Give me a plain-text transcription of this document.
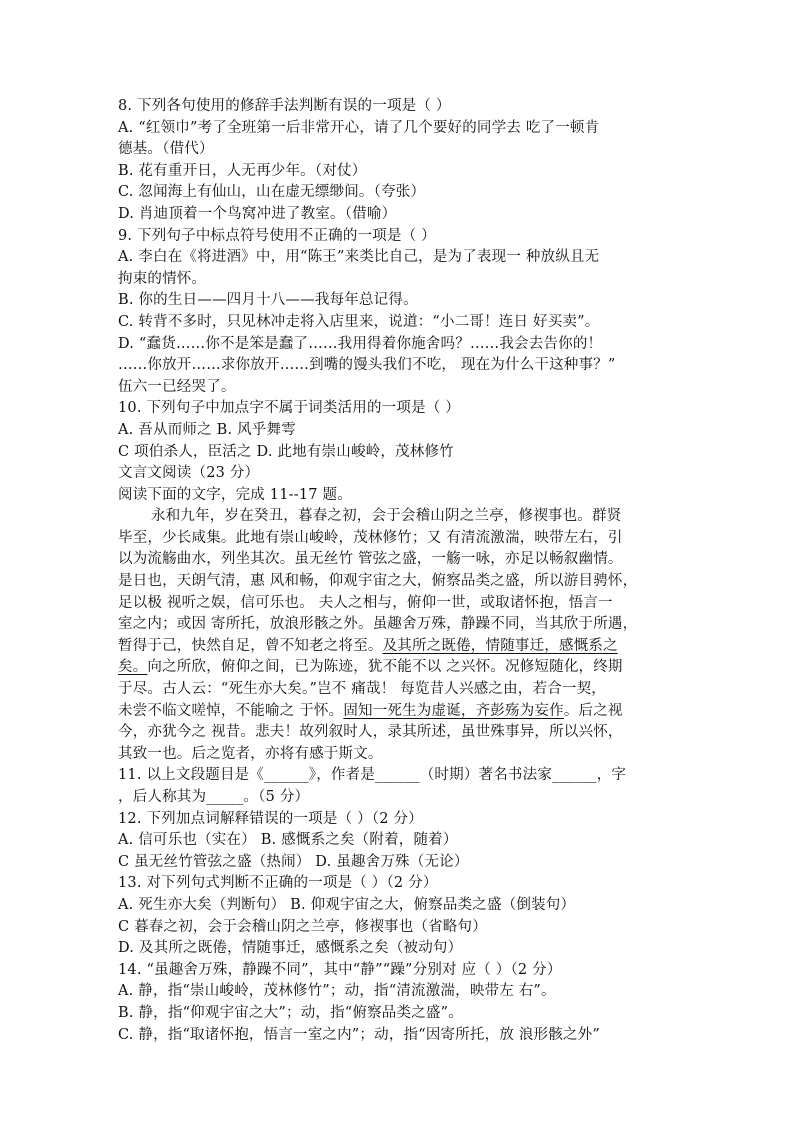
8. 下列各句使用的修辞手法判断有误的一项是（ ）
A. “红领巾”考了全班第一后非常开心，请了几个要好的同学去 吃了一顿肯
德基。（借代）
B. 花有重开日，人无再少年。（对仗）
C. 忽闻海上有仙山，山在虚无缥缈间。（夸张）
D. 肖迪顶着一个鸟窝冲进了教室。（借喻）
9. 下列句子中标点符号使用不正确的一项是（ ）
A. 李白在《将进酒》中，用“陈王”来类比自己，是为了表现一 种放纵且无
拘束的情怀。
B. 你的生日——四月十八——我每年总记得。
C. 转背不多时，只见林冲走将入店里来，说道：“小二哥！连日 好买卖”。
D. “蠢货……你不是笨是蠢了……我用得着你施舍吗？……我会去告你的！
……你放开……求你放开……到嘴的馒头我们不吃， 现在为什么干这种事？”
伍六一已经哭了。
10. 下列句子中加点字不属于词类活用的一项是（ ）
A. 吾从而师之 B. 风乎舞雩
C 项伯杀人，臣活之 D. 此地有崇山峻岭，茂林修竹
文言文阅读（23 分）
阅读下面的文字，完成 11--17 题。
永和九年，岁在癸丑，暮春之初，会于会稽山阴之兰亭，修禊事也。群贤
毕至，少长咸集。此地有崇山峻岭，茂林修竹；又 有清流激湍，映带左右，引
以为流觞曲水，列坐其次。虽无丝竹 管弦之盛，一觞一咏，亦足以畅叙幽情。
是日也，天朗气清，惠 风和畅，仰观宇宙之大，俯察品类之盛，所以游目骋怀，
足以极 视听之娱，信可乐也。 夫人之相与，俯仰一世，或取诸怀抱，悟言一
室之内；或因 寄所托，放浪形骸之外。虽趣舍万殊，静躁不同，当其欣于所遇，
暂得于己，快然自足，曾不知老之将至。及其所之既倦，情随事迁，感慨系之
矣。向之所欣，俯仰之间，已为陈迹，犹不能不以 之兴怀。况修短随化，终期
于尽。古人云：“死生亦大矣。”岂不 痛哉！ 每览昔人兴感之由，若合一契，
未尝不临文嗟悼，不能喻之 于怀。固知一死生为虚诞，齐彭殇为妄作。后之视
今，亦犹今之 视昔。悲夫！故列叙时人，录其所述，虽世殊事异，所以兴怀，
其致一也。后之览者，亦将有感于斯文。
11. 以上文段题目是《______》，作者是______（时期）著名书法家______，字
，后人称其为_____。（5 分）
12. 下列加点词解释错误的一项是（ ）（2 分）
A. 信可乐也（实在） B. 感慨系之矣（附着，随着）
C 虽无丝竹管弦之盛（热闹） D. 虽趣舍万殊（无论）
13. 对下列句式判断不正确的一项是（ ）（2 分）
A. 死生亦大矣（判断句） B. 仰观宇宙之大，俯察品类之盛（倒装句）
C 暮春之初，会于会稽山阴之兰亭，修禊事也（省略句）
D. 及其所之既倦，情随事迁，感慨系之矣（被动句）
14. “虽趣舍万殊，静躁不同”，其中“静”“躁”分别对 应（ ）（2 分）
A. 静，指“崇山峻岭，茂林修竹”；动，指“清流激湍，映带左 右”。
B. 静，指“仰观宇宙之大”；动，指“俯察品类之盛”。
C. 静，指“取诸怀抱，悟言一室之内”；动，指“因寄所托，放 浪形骸之外”
